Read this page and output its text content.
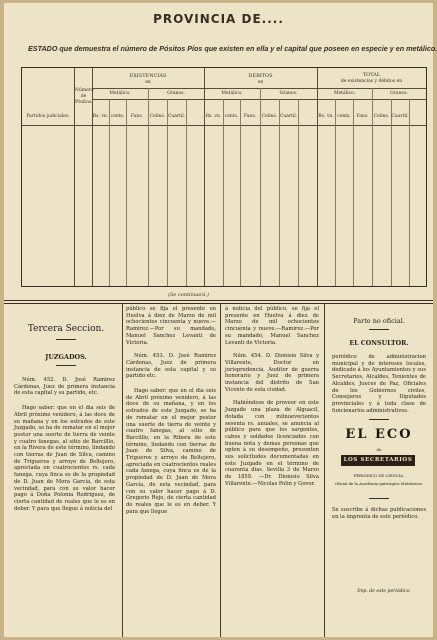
PROVINCIA DE....
ESTADO que demuestra el número de Pósitos Píos que existen en ella y el capital que poseen en especie y en metálico.
EXISTENCIAS
en
DÉBITOS
en
TOTAL
de existencias y débitos en
Partidos judiciales.
Número de Pósitos.
Metálico.	Granos.	Metálico.	Granos.	Metálico.	Granos.
Rs. vn. cents.	Fans.	Celms. Cuartil.	Rs. vn. cents.	Fans.	Celms. Cuartil.	Rs. vn. cents.	Fans.	Celms. Cuartil.
(Se continuará.)
Tercera Seccion.
JUZGADOS.

Núm. 452. D. José Ramirez Cárdenas, Juez de primera instancia de esta capital y su partido, etc.

Hago saber: que en el dia seis de Abril próximo venidero, á las doce de su mañana y en los estrados de este Juzgado, se ha de rematar en el mejor postor una suerte de tierra de veinte y cuatro fanegas, al sitio de Barcilllo, en la Rivera de este término, lindando con tierras de Juan de Silva, camino de Trigueros y arroyo de Beltejero, apreciada en cuatrocientos rs. cada fanega, cuya finca es de la propiedad de D. Juan de Mora Garcia, de esta vecindad, para con su valor hacer pago á Doña Polonia Rodriguez, de cierta cantidad de reales que le es en deber. Y para que llegue á noticia del

público se fija el presente en Huelva á diez de Marzo de mil ochocientos cincuenta y nueve.—Ramirez.—Por su mandado, Manuel Sanchez Levanti de Victoria.

Núm. 453. D. José Ramirez Cárdenas, Juez de primera instancia de esta capital y su partido etc.

Hago saber: que en el dia seis de Abril próximo venidero, á las doce de su mañana, y en los estrados de este Juzgado, se ha de rematar en el mejor postor una suerte de tierra de veinte y cuatro fanegas, al sitio de Barcilllo, en la Ribera de este término, lindando con tierras de Juan de Silva, camino de Trigueros y arroyo de Beltejero, apreciada en cuatrocientos reales cada fanega, cuya finca es de la propiedad de D. Juan de Mora García, de esta vecindad, para con su valor hacer pago á D. Gregorio Rojo, de cierta cantidad de reales que le es en deber. Y para que llegue

á noticia del público, se fija el presente en Huelva á diez de Marzo de mil ochocientos cincuenta y nueve.—Ramirez.—Por su mandado, Manuel Sanchez Levanti de Victoria.

Núm. 454. D. Dionisio Silva y Villarente, Doctor en jurisprudencia, Auditor de guerra honorario y Juez de primera instancia del distrito de San Vicente de esta ciudad.

Habiéndose de proveer en este Juzgado una plaza de Alguacil, dotada con milnuevecientos sesenta rs. anuales, se anuncia al público para que los sargentos, cabos y soldados licenciados con buena nota y demas personas que opten á su desempeño, presenten sus solicitudes documentadas en este Juzgado en el término de cuarenta dias. Sevilla 3 de Marzo de 1859. —Dr. Dionisio Silva Villarente.—Nicolas Polin y Govor.

Parte no oficial.
EL CONSULTOR.
periódico de administracion municipal y de intereses locales, dedicado á los Ayuntamientos y sus Secretarios, Alcaldes, Tenientes de Alcaldes, Jueces de Paz, Oficiales de los Gobiernos civiles, Consejeros y Diputados provinciales y á toda clase de funcionarios administrativos.
EL ECO
de
LOS SECRETARIOS
PERIÓDICO DE CIENCIA,
Oficial de la Academia quirúrgica Matritense.
Se suscribe á dichas publicaciones en la imprenta de este periódico.
Imp. de este periódico.
